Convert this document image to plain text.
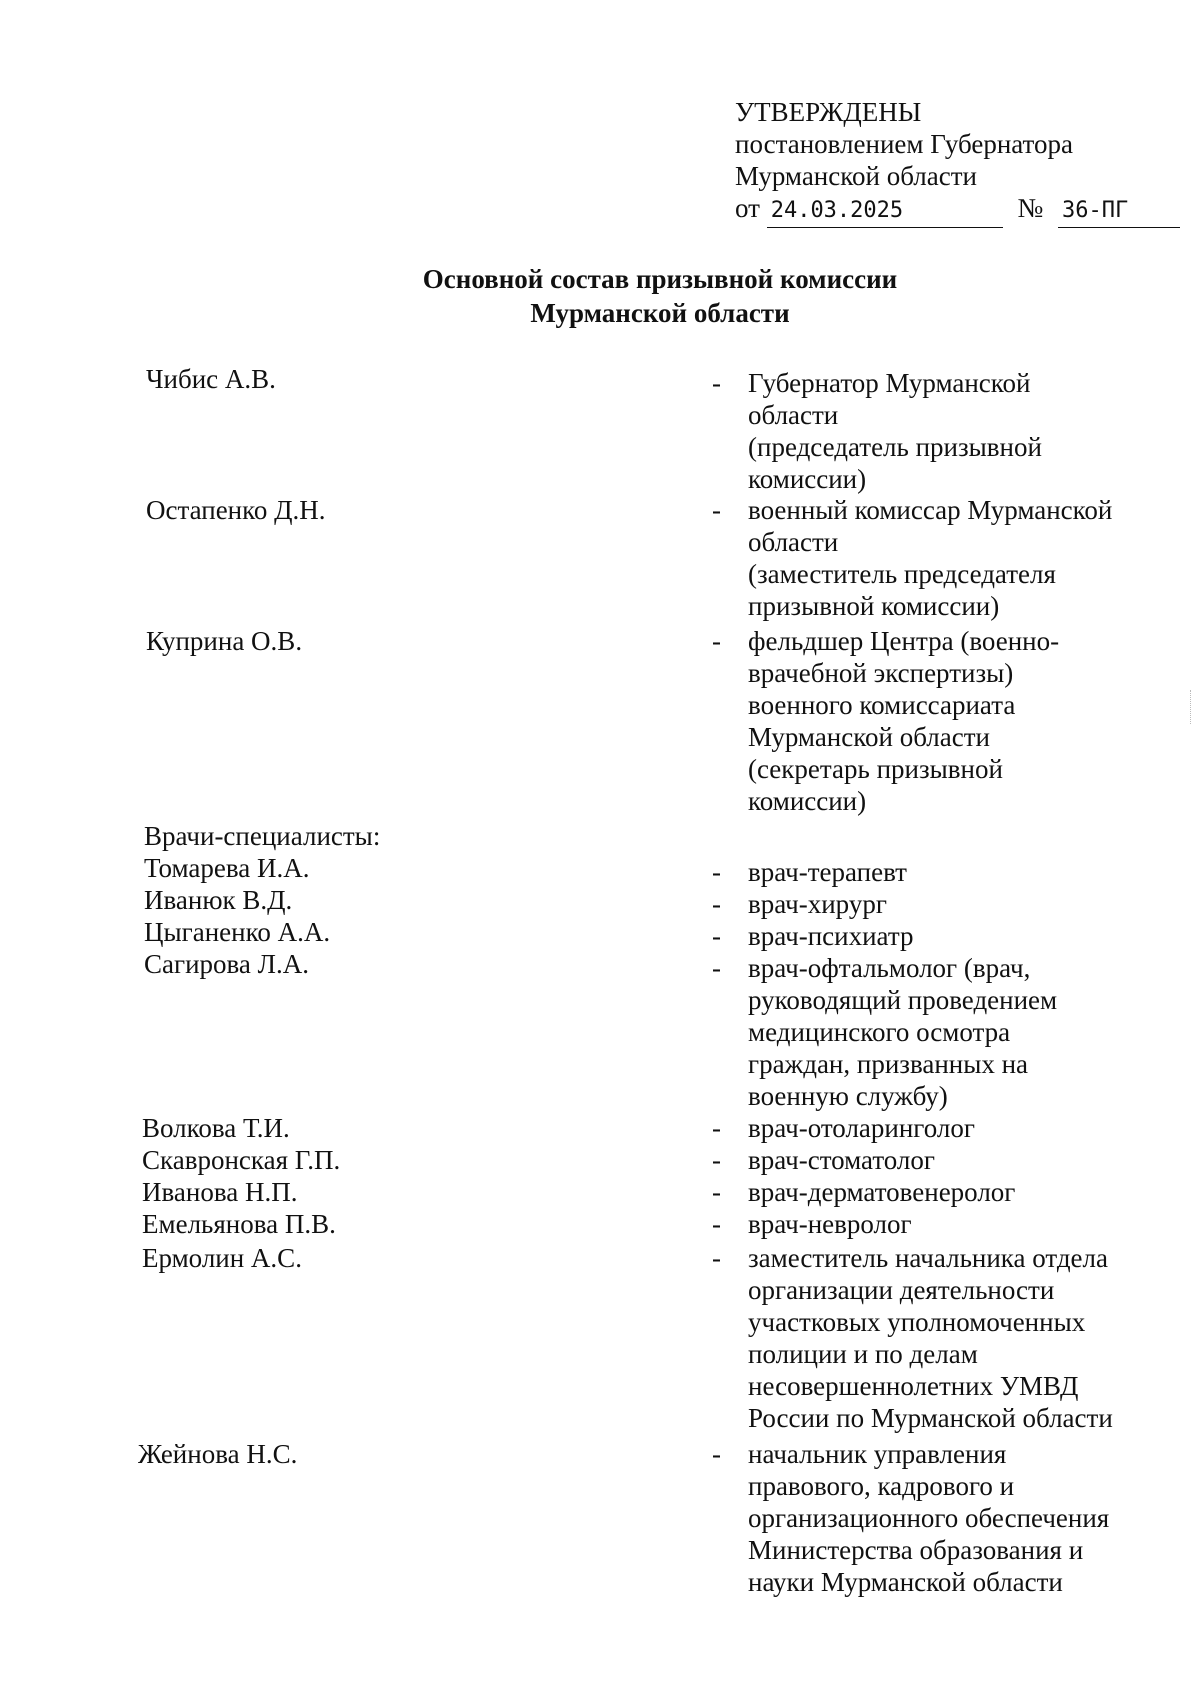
УТВЕРЖДЕНЫ
постановлением Губернатора
Мурманской области
от 24.03.2025	№ 36-ПГ
Основной состав призывной комиссии
Мурманской области
Чибис А.В.	- Губернатор Мурманской
области
(председатель призывной
комиссии)
Остапенко Д.Н.	- военный комиссар Мурманской
области
(заместитель председателя
призывной комиссии)
Куприна О.В.	- фельдшер Центра (военно-
врачебной экспертизы)
военного комиссариата
Мурманской области
(секретарь призывной
комиссии)
Врачи-специалисты:
Томарева И.А.	- врач-терапевт
Иванюк В.Д.	- врач-хирург
Цыганенко А.А.	- врач-психиатр
Сагирова Л.А.	- врач-офтальмолог (врач,
руководящий проведением
медицинского осмотра
граждан, призванных на
военную службу)
Волкова Т.И.	- врач-отоларинголог
Скавронская Г.П.	- врач-стоматолог
Иванова Н.П.	- врач-дерматовенеролог
Емельянова П.В.	- врач-невролог
Ермолин А.С.	- заместитель начальника отдела
организации деятельности
участковых уполномоченных
полиции и по делам
несовершеннолетних УМВД
России по Мурманской области
Жейнова Н.С.	- начальник управления
правового, кадрового и
организационного обеспечения
Министерства образования и
науки Мурманской области
